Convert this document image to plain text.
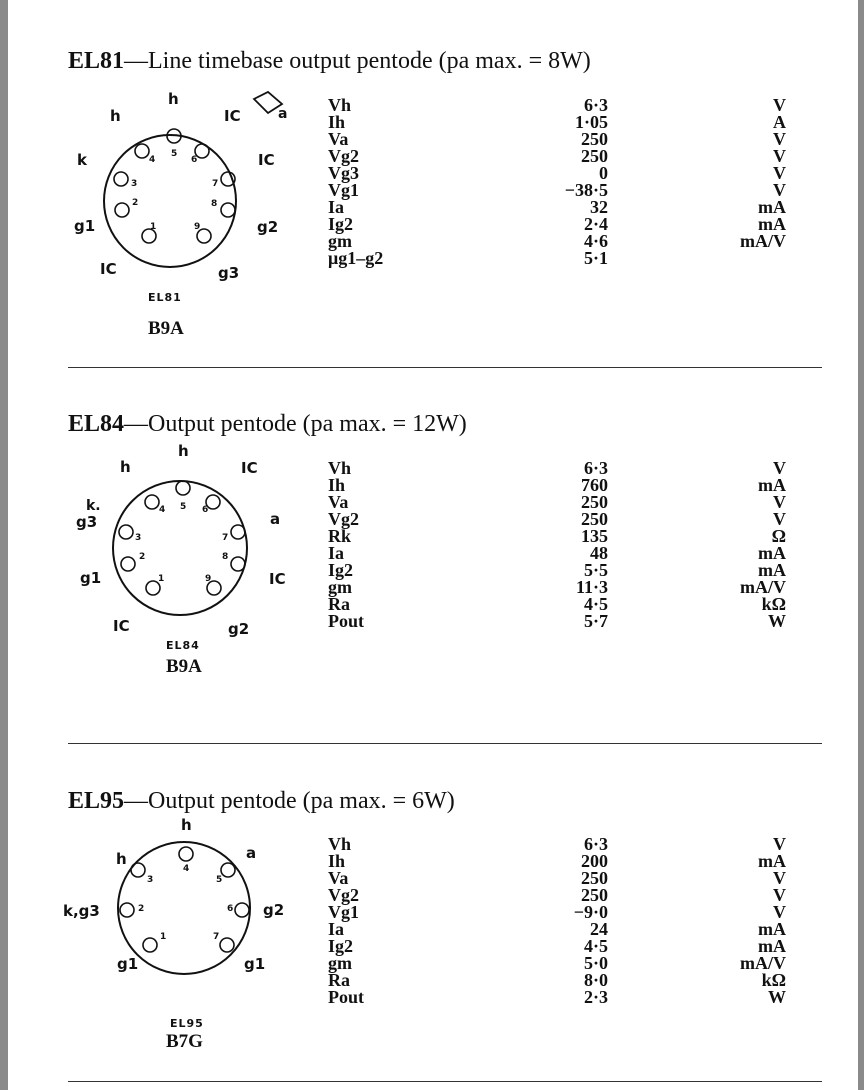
EL81—Line timebase output pentode (pa max. = 8W)
h
h
IC	a
k	IC
g1	g2
IC	g3
1
2
3
4
5
6
7
8
9
EL81
B9A
Vh	6·3	V
Ih	1·05	A
Va	250	V
Vg2	250	V
Vg3	0	V
Vg1	−38·5	V
Ia	32	mA
Ig2	2·4	mA
gm	4·6	mA/V
μg1–g2	5·1
EL84—Output pentode (pa max. = 12W)
h
h
IC
k.
g3	a
g1	IC
IC	g2
1
2
3
4 5 6
7
8
9
EL84
B9A
Vh	6·3	V
Ih	760	mA
Va	250	V
Vg2	250	V
Rk	135	Ω
Ia	48	mA
Ig2	5·5	mA
gm	11·3	mA/V
Ra	4·5	kΩ
Pout	5·7	W
EL95—Output pentode (pa max. = 6W)
h
h	a
k,g3	g2
g1	g1
1
2
3
4
5
6
7
EL95
B7G
Vh	6·3	V
Ih	200	mA
Va	250	V
Vg2	250	V
Vg1	−9·0	V
Ia	24	mA
Ig2	4·5	mA
gm	5·0	mA/V
Ra	8·0	kΩ
Pout	2·3	W
